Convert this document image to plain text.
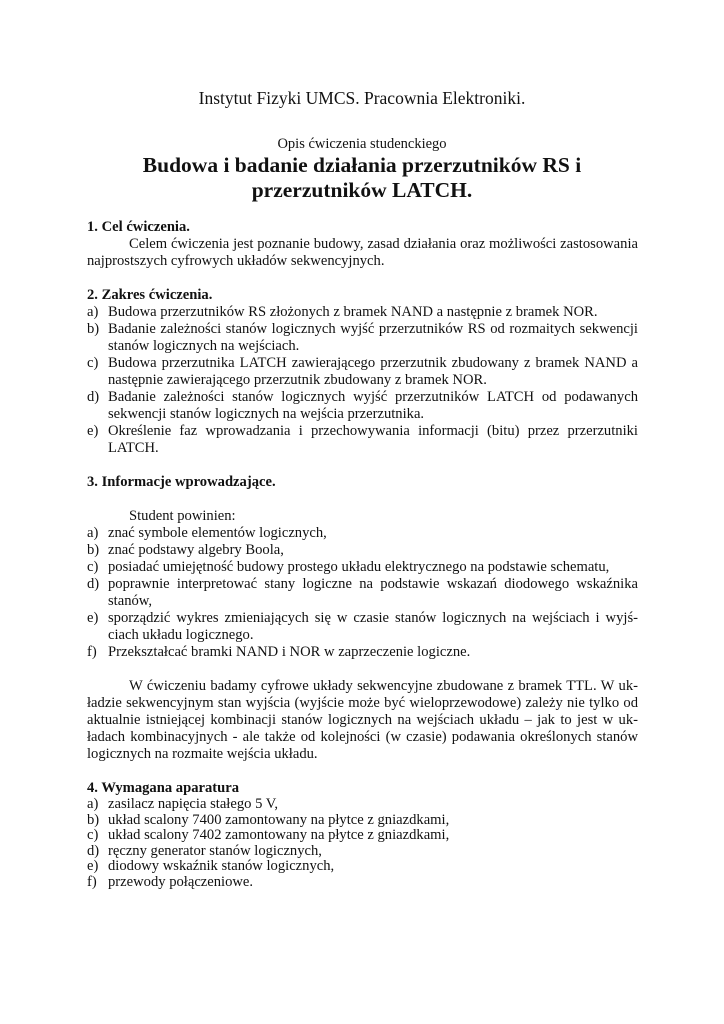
Instytut Fizyki UMCS. Pracownia Elektroniki.
Opis ćwiczenia studenckiego
Budowa i badanie działania przerzutników RS i przerzutników LATCH.
1. Cel ćwiczenia.

Celem ćwiczenia jest poznanie budowy, zasad działania oraz możliwości zastosowania najprostszych cyfrowych układów sekwencyjnych.

2. Zakres ćwiczenia.
a) Budowa przerzutników RS złożonych z bramek NAND a następnie z bramek NOR.
b) Badanie zależności stanów logicznych wyjść przerzutników RS od rozmaitych sekwencji stanów logicznych na wejściach.
c) Budowa przerzutnika LATCH zawierającego przerzutnik zbudowany z bramek NAND a następnie zawierającego przerzutnik zbudowany z bramek NOR.
d) Badanie zależności stanów logicznych wyjść przerzutników LATCH od podawanych sekwencji stanów logicznych na wejścia przerzutnika.
e) Określenie faz wprowadzania i przechowywania informacji (bitu) przez przerzutniki LATCH.
3. Informacje wprowadzające.

Student powinien:

a) znać symbole elementów logicznych,
b) znać podstawy algebry Boola,
c) posiadać umiejętność budowy prostego układu elektrycznego na podstawie schematu,
d) poprawnie interpretować stany logiczne na podstawie wskazań diodowego wskaźnika stanów,
e) sporządzić wykres zmieniających się w czasie stanów logicznych na wejściach i wyjś-ciach układu logicznego.
f) Przekształcać bramki NAND i NOR w zaprzeczenie logiczne.

W ćwiczeniu badamy cyfrowe układy sekwencyjne zbudowane z bramek TTL. W uk-ładzie sekwencyjnym stan wyjścia (wyjście może być wieloprzewodowe) zależy nie tylko od aktualnie istniejącej kombinacji stanów logicznych na wejściach układu – jak to jest w uk-ładach kombinacyjnych - ale także od kolejności (w czasie) podawania określonych stanów logicznych na rozmaite wejścia układu.

4. Wymagana aparatura
a) zasilacz napięcia stałego 5 V,
b) układ scalony 7400 zamontowany na płytce z gniazdkami,
c) układ scalony 7402 zamontowany na płytce z gniazdkami,
d) ręczny generator stanów logicznych,
e) diodowy wskaźnik stanów logicznych,
f) przewody połączeniowe.
